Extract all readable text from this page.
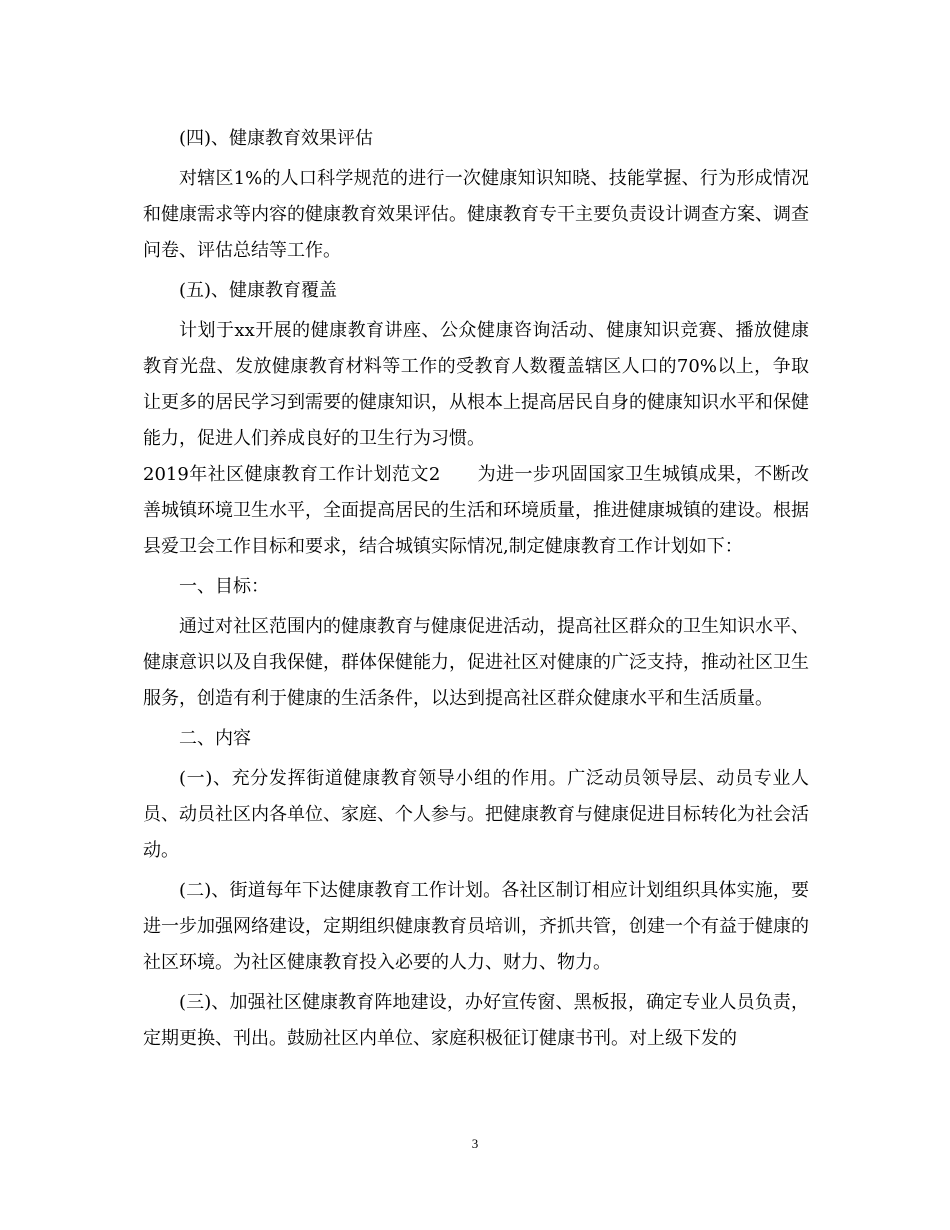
(四)、健康教育效果评估

对辖区1%的人口科学规范的进行一次健康知识知晓、技能掌握、行为形成情况和健康需求等内容的健康教育效果评估。健康教育专干主要负责设计调查方案、调查问卷、评估总结等工作。

(五)、健康教育覆盖

计划于xx开展的健康教育讲座、公众健康咨询活动、健康知识竞赛、播放健康教育光盘、发放健康教育材料等工作的受教育人数覆盖辖区人口的70%以上，争取让更多的居民学习到需要的健康知识，从根本上提高居民自身的健康知识水平和保健能力，促进人们养成良好的卫生行为习惯。

2019年社区健康教育工作计划范文2　　为进一步巩固国家卫生城镇成果，不断改善城镇环境卫生水平，全面提高居民的生活和环境质量，推进健康城镇的建设。根据县爱卫会工作目标和要求，结合城镇实际情况,制定健康教育工作计划如下：

一、目标：

通过对社区范围内的健康教育与健康促进活动，提高社区群众的卫生知识水平、健康意识以及自我保健，群体保健能力，促进社区对健康的广泛支持，推动社区卫生服务，创造有利于健康的生活条件，以达到提高社区群众健康水平和生活质量。

二、内容

(一)、充分发挥街道健康教育领导小组的作用。广泛动员领导层、动员专业人员、动员社区内各单位、家庭、个人参与。把健康教育与健康促进目标转化为社会活动。

(二)、街道每年下达健康教育工作计划。各社区制订相应计划组织具体实施，要进一步加强网络建设，定期组织健康教育员培训，齐抓共管，创建一个有益于健康的社区环境。为社区健康教育投入必要的人力、财力、物力。

(三)、加强社区健康教育阵地建设，办好宣传窗、黑板报，确定专业人员负责，定期更换、刊出。鼓励社区内单位、家庭积极征订健康书刊。对上级下发的

3
